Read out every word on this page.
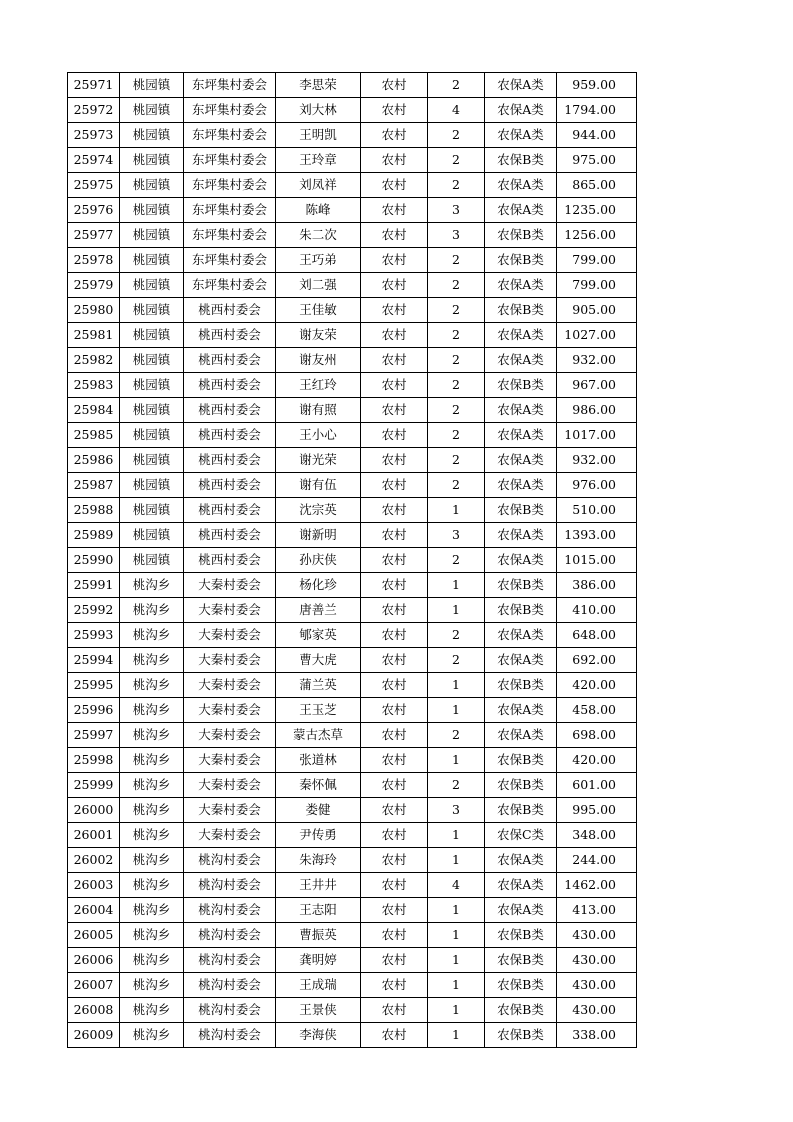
25971	桃园镇	东坪集村委会	李思荣	农村	2	农保A类	959.00
25972	桃园镇	东坪集村委会	刘大林	农村	4	农保A类	1794.00
25973	桃园镇	东坪集村委会	王明凯	农村	2	农保A类	944.00
25974	桃园镇	东坪集村委会	王玲章	农村	2	农保B类	975.00
25975	桃园镇	东坪集村委会	刘凤祥	农村	2	农保A类	865.00
25976	桃园镇	东坪集村委会	陈峰	农村	3	农保A类	1235.00
25977	桃园镇	东坪集村委会	朱二次	农村	3	农保B类	1256.00
25978	桃园镇	东坪集村委会	王巧弟	农村	2	农保B类	799.00
25979	桃园镇	东坪集村委会	刘二强	农村	2	农保A类	799.00
25980	桃园镇	桃西村委会	王佳敏	农村	2	农保B类	905.00
25981	桃园镇	桃西村委会	谢友荣	农村	2	农保A类	1027.00
25982	桃园镇	桃西村委会	谢友州	农村	2	农保A类	932.00
25983	桃园镇	桃西村委会	王红玲	农村	2	农保B类	967.00
25984	桃园镇	桃西村委会	谢有照	农村	2	农保A类	986.00
25985	桃园镇	桃西村委会	王小心	农村	2	农保A类	1017.00
25986	桃园镇	桃西村委会	谢光荣	农村	2	农保A类	932.00
25987	桃园镇	桃西村委会	谢有伍	农村	2	农保A类	976.00
25988	桃园镇	桃西村委会	沈宗英	农村	1	农保B类	510.00
25989	桃园镇	桃西村委会	谢新明	农村	3	农保A类	1393.00
25990	桃园镇	桃西村委会	孙庆侠	农村	2	农保A类	1015.00
25991	桃沟乡	大秦村委会	杨化珍	农村	1	农保B类	386.00
25992	桃沟乡	大秦村委会	唐善兰	农村	1	农保B类	410.00
25993	桃沟乡	大秦村委会	郇家英	农村	2	农保A类	648.00
25994	桃沟乡	大秦村委会	曹大虎	农村	2	农保A类	692.00
25995	桃沟乡	大秦村委会	蒲兰英	农村	1	农保B类	420.00
25996	桃沟乡	大秦村委会	王玉芝	农村	1	农保A类	458.00
25997	桃沟乡	大秦村委会	蒙古杰草	农村	2	农保A类	698.00
25998	桃沟乡	大秦村委会	张道林	农村	1	农保B类	420.00
25999	桃沟乡	大秦村委会	秦怀佩	农村	2	农保B类	601.00
26000	桃沟乡	大秦村委会	娄健	农村	3	农保B类	995.00
26001	桃沟乡	大秦村委会	尹传勇	农村	1	农保C类	348.00
26002	桃沟乡	桃沟村委会	朱海玲	农村	1	农保A类	244.00
26003	桃沟乡	桃沟村委会	王井井	农村	4	农保A类	1462.00
26004	桃沟乡	桃沟村委会	王志阳	农村	1	农保A类	413.00
26005	桃沟乡	桃沟村委会	曹振英	农村	1	农保B类	430.00
26006	桃沟乡	桃沟村委会	龚明婷	农村	1	农保B类	430.00
26007	桃沟乡	桃沟村委会	王成瑞	农村	1	农保B类	430.00
26008	桃沟乡	桃沟村委会	王景侠	农村	1	农保B类	430.00
26009	桃沟乡	桃沟村委会	李海侠	农村	1	农保B类	338.00
